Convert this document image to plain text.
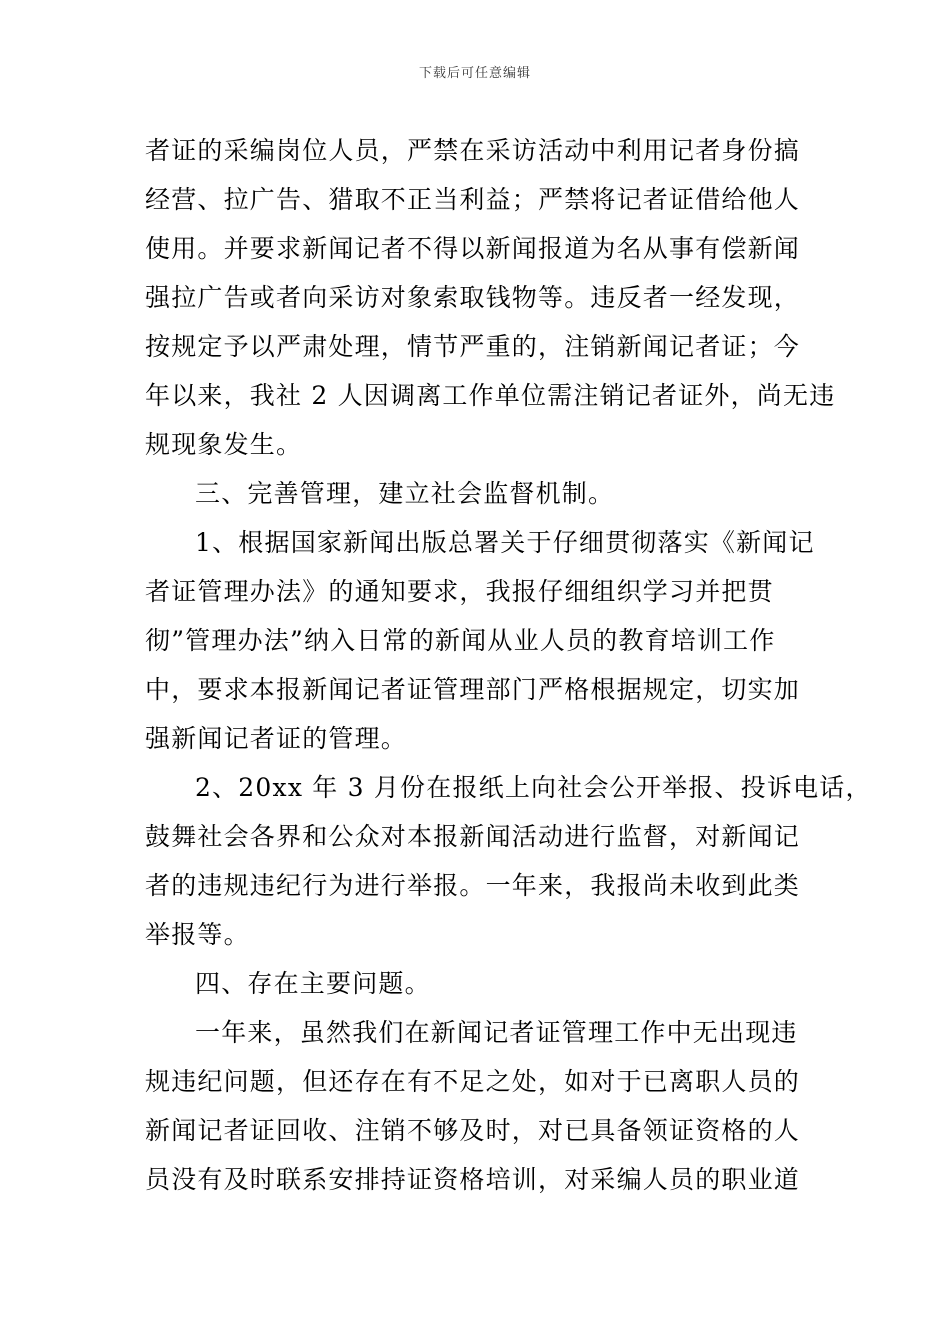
下载后可任意编辑
者证的采编岗位人员，严禁在采访活动中利用记者身份搞
经营、拉广告、猎取不正当利益；严禁将记者证借给他人
使用。并要求新闻记者不得以新闻报道为名从事有偿新闻
强拉广告或者向采访对象索取钱物等。违反者一经发现，
按规定予以严肃处理，情节严重的，注销新闻记者证；今
年以来，我社 2 人因调离工作单位需注销记者证外，尚无违
规现象发生。
三、完善管理，建立社会监督机制。
1、根据国家新闻出版总署关于仔细贯彻落实《新闻记
者证管理办法》的通知要求，我报仔细组织学习并把贯
彻”管理办法”纳入日常的新闻从业人员的教育培训工作
中，要求本报新闻记者证管理部门严格根据规定，切实加
强新闻记者证的管理。
2、20xx 年 3 月份在报纸上向社会公开举报、投诉电话，
鼓舞社会各界和公众对本报新闻活动进行监督，对新闻记
者的违规违纪行为进行举报。一年来，我报尚未收到此类
举报等。
四、存在主要问题。
一年来，虽然我们在新闻记者证管理工作中无出现违
规违纪问题，但还存在有不足之处，如对于已离职人员的
新闻记者证回收、注销不够及时，对已具备领证资格的人
员没有及时联系安排持证资格培训，对采编人员的职业道
